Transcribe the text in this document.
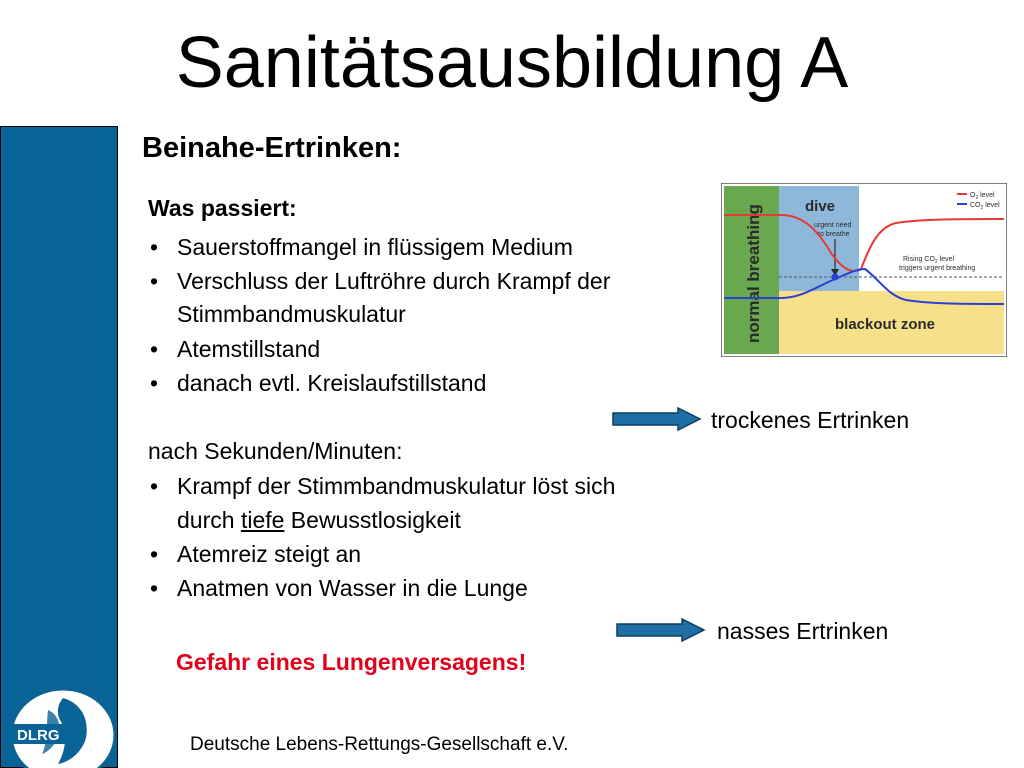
Sanitätsausbildung A
DLRG
Beinahe-Ertrinken:
Was passiert:
• Sauerstoffmangel in flüssigem Medium
• Verschluss der Luftröhre durch Krampf der
Stimmbandmuskulatur
• Atemstillstand
• danach evtl. Kreislaufstillstand
trockenes Ertrinken
nach Sekunden/Minuten:
• Krampf der Stimmbandmuskulatur löst sich
durch tiefe Bewusstlosigkeit
• Atemreiz steigt an
• Anatmen von Wasser in die Lunge
nasses Ertrinken
Gefahr eines Lungenversagens!
normal breathing	dive
urgent need
to breathe
Rising $CO_2$ level
triggers urgent breathing
blackout zone
$O_2$ level
$CO_2$ level
Deutsche Lebens-Rettungs-Gesellschaft e.V.
